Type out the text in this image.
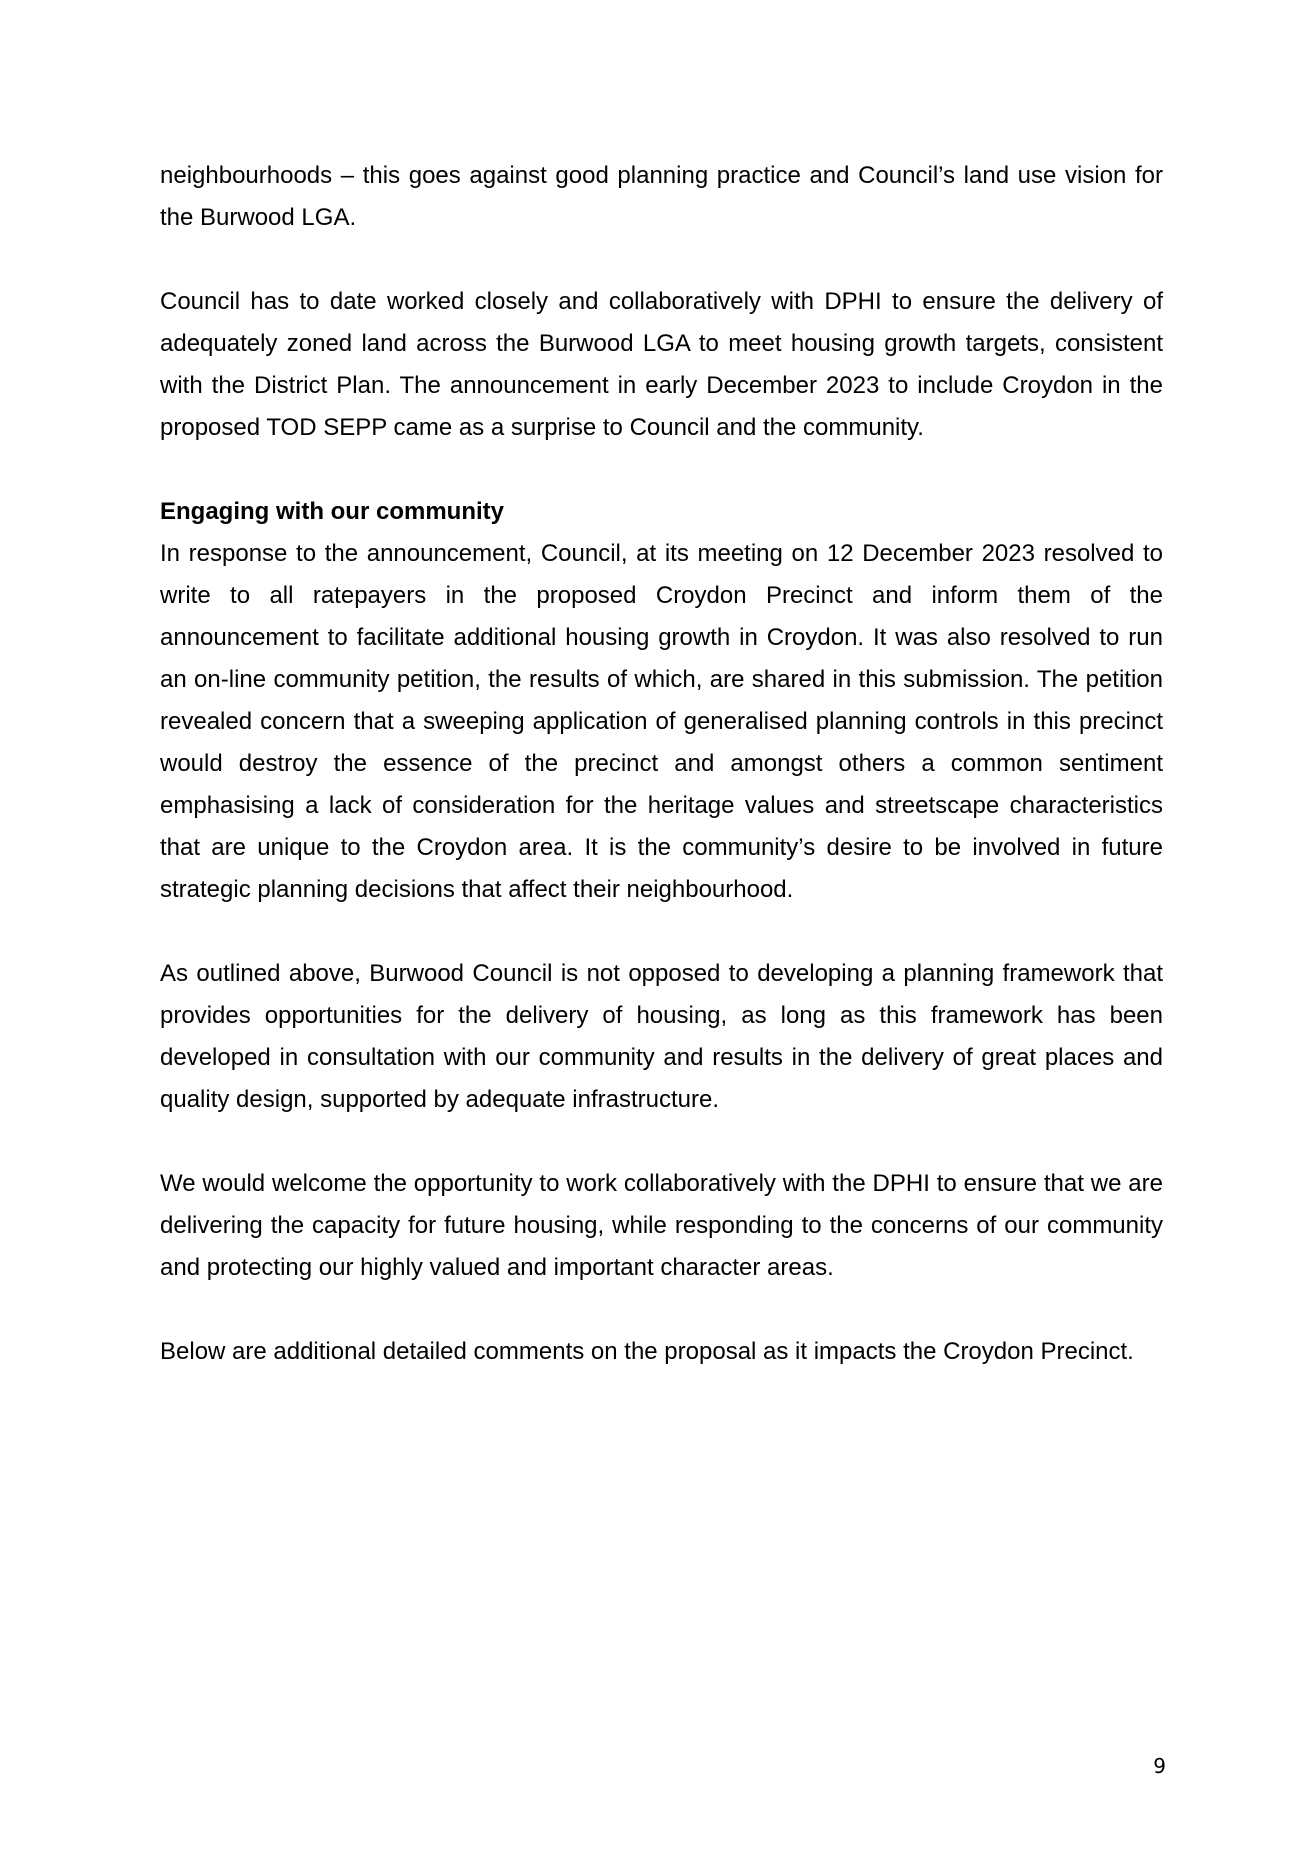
neighbourhoods – this goes against good planning practice and Council’s land use vision for the Burwood LGA.

Council has to date worked closely and collaboratively with DPHI to ensure the delivery of adequately zoned land across the Burwood LGA to meet housing growth targets, consistent with the District Plan. The announcement in early December 2023 to include Croydon in the proposed TOD SEPP came as a surprise to Council and the community.

Engaging with our community

In response to the announcement, Council, at its meeting on 12 December 2023 resolved to write to all ratepayers in the proposed Croydon Precinct and inform them of the announcement to facilitate additional housing growth in Croydon. It was also resolved to run an on-line community petition, the results of which, are shared in this submission. The petition revealed concern that a sweeping application of generalised planning controls in this precinct would destroy the essence of the precinct and amongst others a common sentiment emphasising a lack of consideration for the heritage values and streetscape characteristics that are unique to the Croydon area. It is the community’s desire to be involved in future strategic planning decisions that affect their neighbourhood.

As outlined above, Burwood Council is not opposed to developing a planning framework that provides opportunities for the delivery of housing, as long as this framework has been developed in consultation with our community and results in the delivery of great places and quality design, supported by adequate infrastructure.

We would welcome the opportunity to work collaboratively with the DPHI to ensure that we are delivering the capacity for future housing, while responding to the concerns of our community and protecting our highly valued and important character areas.

Below are additional detailed comments on the proposal as it impacts the Croydon Precinct.

9
